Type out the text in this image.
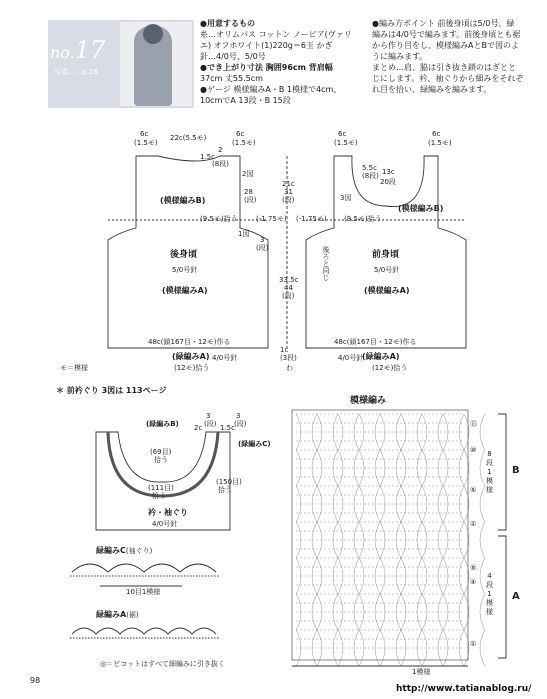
no.17
写真……p.28
●用意するもの
糸…オリムパス コットン ノービア(ヴァリ
エ) オフホワイト(1)220g＝6玉 かぎ
針…4/0号、5/0号
●でき上がり寸法 胸囲96cm 背肩幅
37cm 丈55.5cm
●ゲージ 模様編みA・B 1模様で4cm、
10cmでA 13段・B 15段
●編み方ポイント 前後身頃は5/0号、緑
編みは4/0号で編みます。前後身頃とも裾
から作り目をし、模様編みAとBで図のよ
うに編みます。
まとめ…肩、脇は引き抜き鎖のはぎとと
じにします。衿、袖ぐりから細みをそれぞ
れ目を拾い、緑編みを編みます。
6c
(1.5モ)
22c(5.5モ)	6c
(1.5モ)
2
1.5c
(8段)
2図
28
(段)
(模様編みB)
(9.5モ)拾う	(-1.75モ)
1図
3
(段)
後身頃
5/0号針
(模様編みA)
48c(鎖167目・12モ)作る
(緑編みA) 4/0号針
(12モ)拾う
21c
31
(段)
33.5c
44
(段)
1c
(3段)
モ＝模様	わ
6c
(1.5モ)
6c
(1.5モ)
5.5c
(8段) 13c
20段
3図
(模様編みB)
(-1.75モ) (9.5モ)拾う
後ろと同じ	前身頃
5/0号針
(模様編みA)
48c(鎖167目・12モ)作る
(緑編みA)
4/0号針
(12モ)拾う
＊ 前衿ぐり 3図は 113ページ
(緑編みB) 2c
3
(段) 1.5c
3
(段)
(緑編みC)
(69目)
拾う
(150目)
拾う
(111目)
拾う
衿・袖ぐり
4/0号針
緑編みC(袖ぐり)
10目1模様
緑編みA(裾)
◎＝ピコットはすべて細編みに引き抜く
模様編み
⑮
⑩
⑤
①
⑤
④
①
8
段
1
模
様
B
4
段
1
模
様
A
1模様
98
http://www.tatianablog.ru/
